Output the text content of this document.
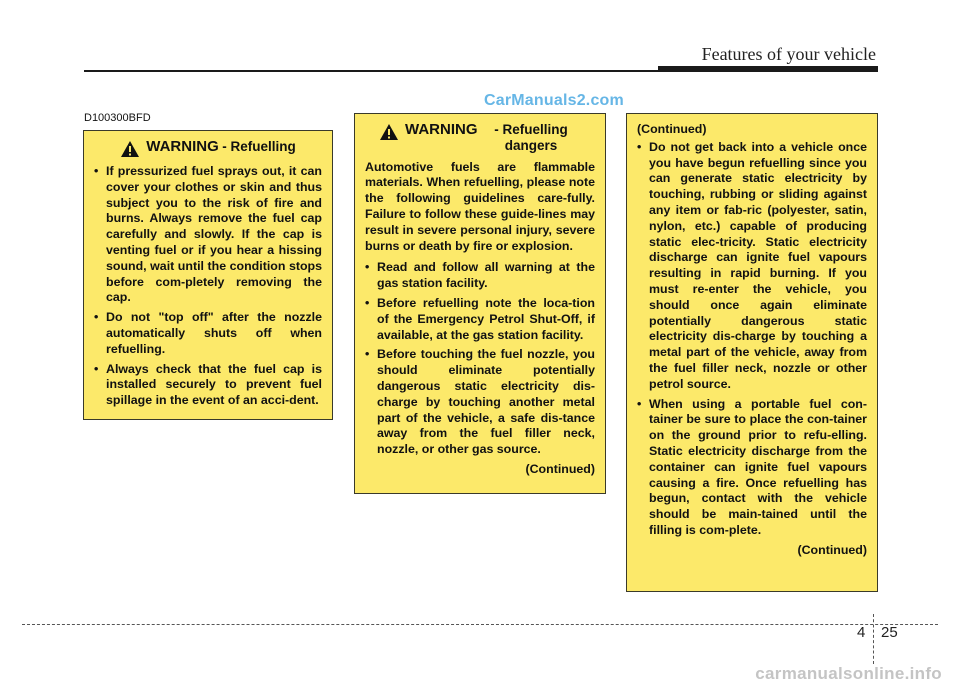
Features of your vehicle
CarManuals2.com
D100300BFD
WARNING
- Refuelling
• If pressurized fuel sprays out, it can cover your clothes or skin and thus subject you to the risk of fire and burns. Always remove the fuel cap carefully and slowly. If the cap is venting fuel or if you hear a hissing sound, wait until the condition stops before com-pletely removing the cap.
• Do not "top off" after the nozzle automatically shuts off when refuelling.
• Always check that the fuel cap is installed securely to prevent fuel spillage in the event of an acci-dent.
WARNING
	- Refuelling dangers

Automotive fuels are flammable materials. When refuelling, please note the following guidelines care-fully. Failure to follow these guide-lines may result in severe personal injury, severe burns or death by fire or explosion.

• Read and follow all warning at the gas station facility.
• Before refuelling note the loca-tion of the Emergency Petrol Shut-Off, if available, at the gas station facility.
• Before touching the fuel nozzle, you should eliminate potentially dangerous static electricity dis-charge by touching another metal part of the vehicle, a safe dis-tance away from the fuel filler neck, nozzle, or other gas source.
(Continued)
(Continued)
• Do not get back into a vehicle once you have begun refuelling since you can generate static electricity by touching, rubbing or sliding against any item or fab-ric (polyester, satin, nylon, etc.) capable of producing static elec-tricity. Static electricity discharge can ignite fuel vapours resulting in rapid burning. If you must re-enter the vehicle, you should once again eliminate potentially dangerous static electricity dis-charge by touching a metal part of the vehicle, away from the fuel filler neck, nozzle or other petrol source.
• When using a portable fuel con-tainer be sure to place the con-tainer on the ground prior to refu-elling. Static electricity discharge from the container can ignite fuel vapours causing a fire. Once refuelling has begun, contact with the vehicle should be main-tained until the filling is com-plete.
(Continued)
4 25
carmanualsonline.info
